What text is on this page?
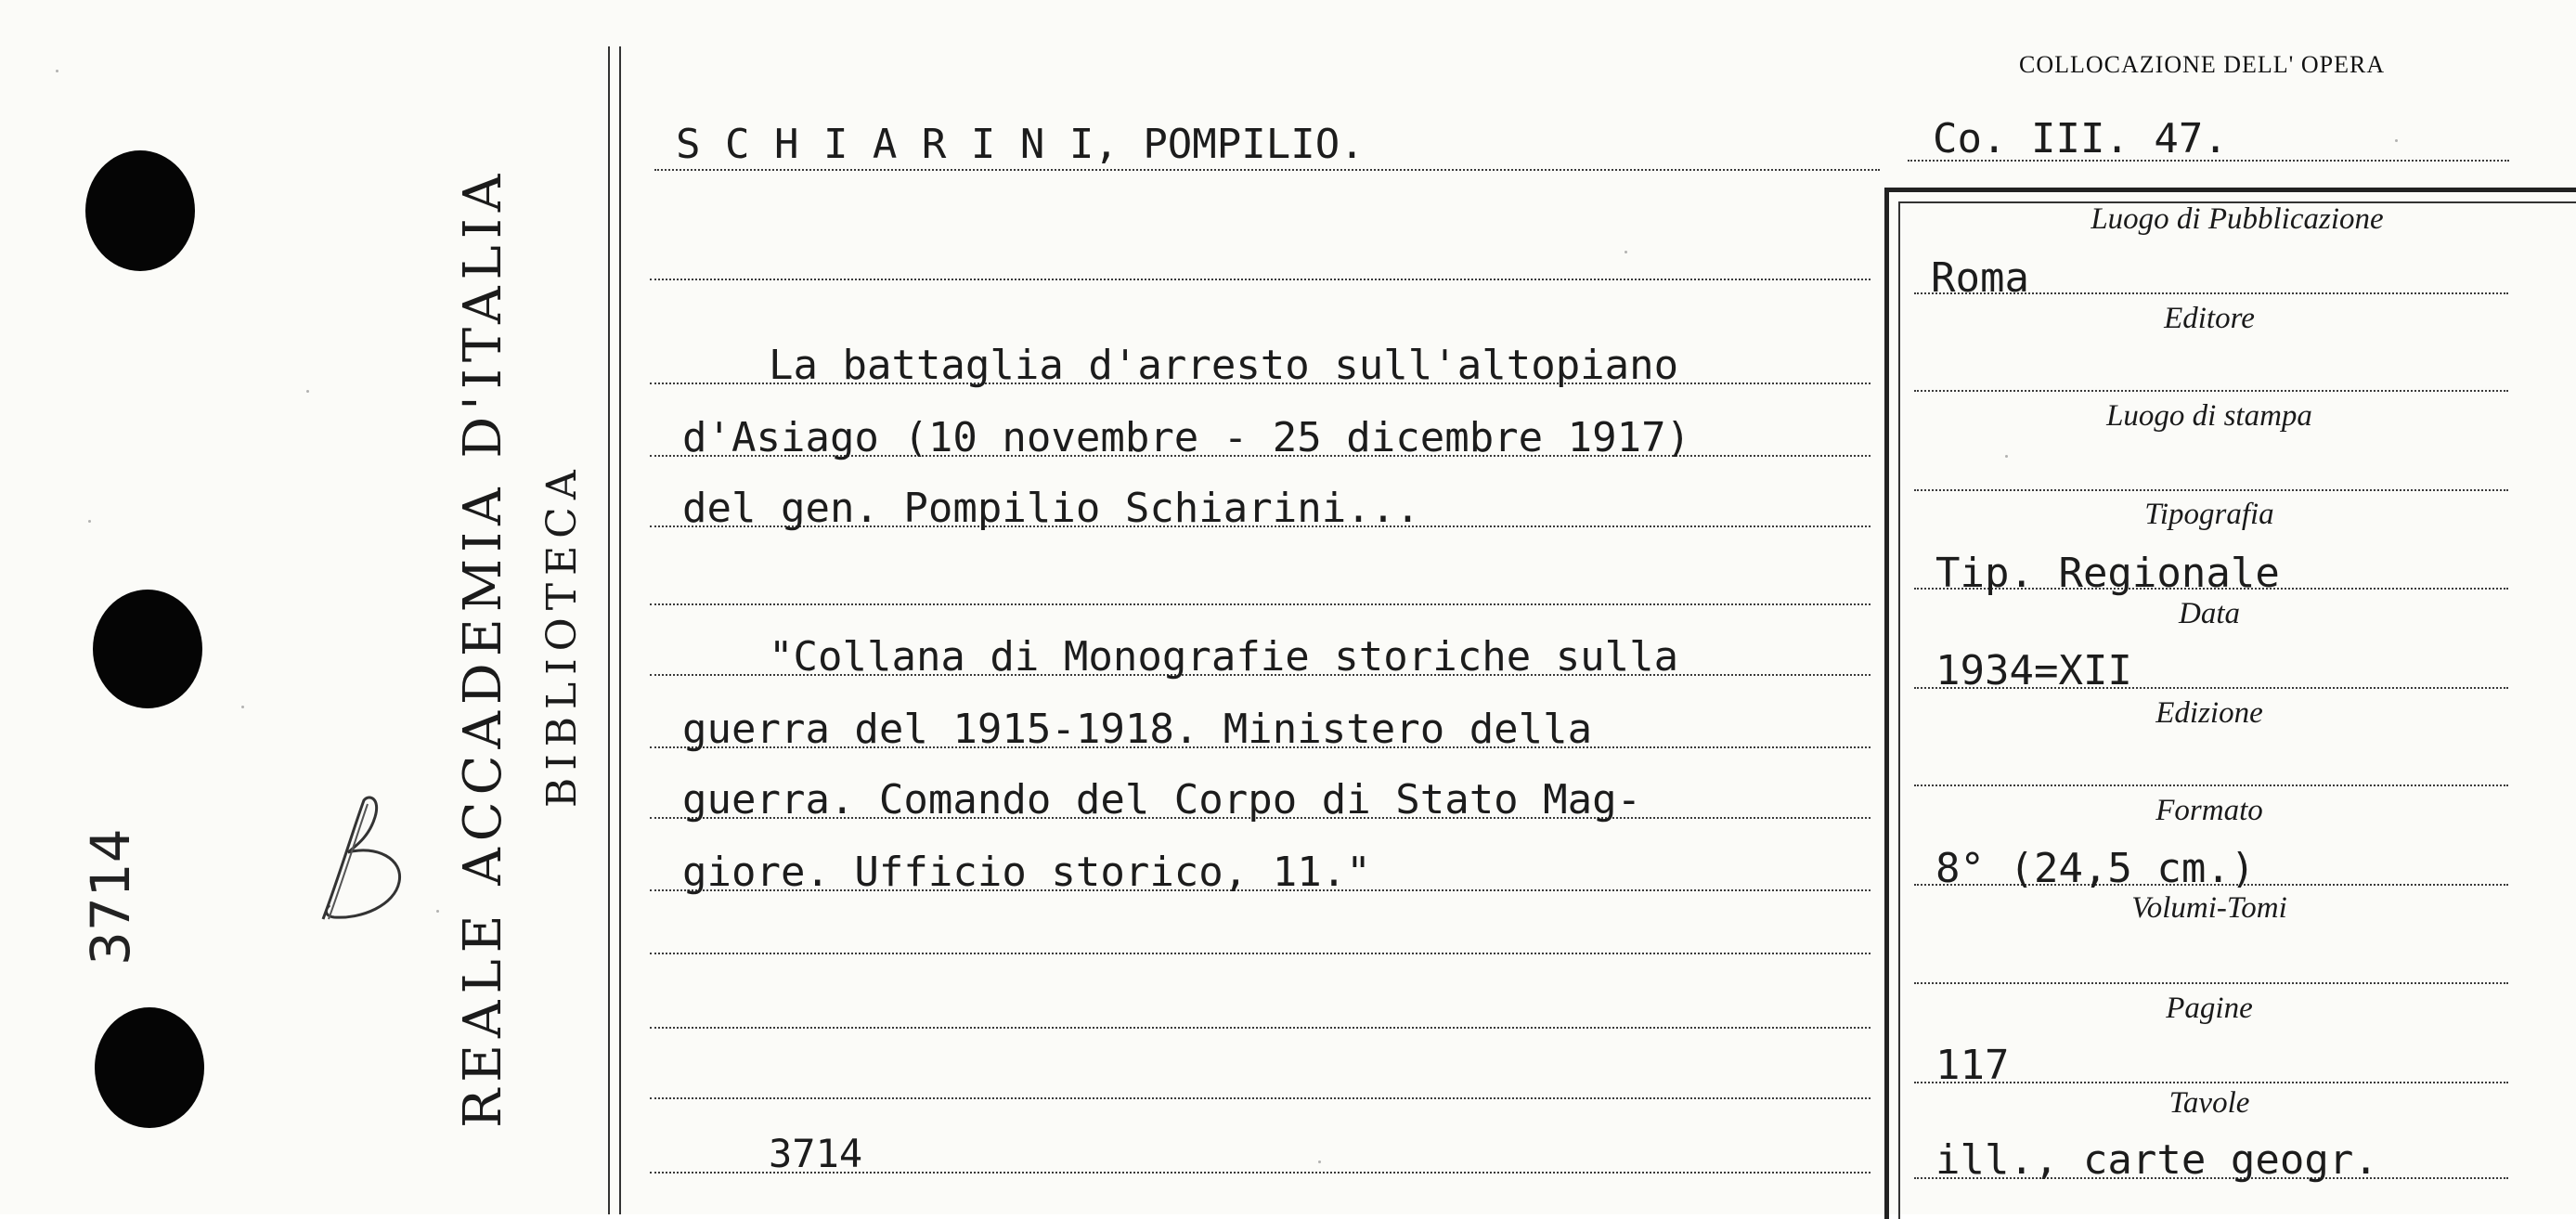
3714	REALE ACCADEMIA D'ITALIA BIBLIOTECA
COLLOCAZIONE DELL' OPERA
S C H I A R I N I, POMPILIO.	Co. III. 47.
La battaglia d'arresto sull'altopiano
d'Asiago (10 novembre - 25 dicembre 1917)
del gen. Pompilio Schiarini...
"Collana di Monografie storiche sulla
guerra del 1915-1918. Ministero della
guerra. Comando del Corpo di Stato Mag-
giore. Ufficio storico, 11."
3714
Luogo di Pubblicazione
Roma
Editore
Luogo di stampa
Tipografia
Tip. Regionale
Data
1934=XII
Edizione
Formato
8° (24,5 cm.)
Volumi-Tomi
Pagine
117
Tavole
ill., carte geogr.
